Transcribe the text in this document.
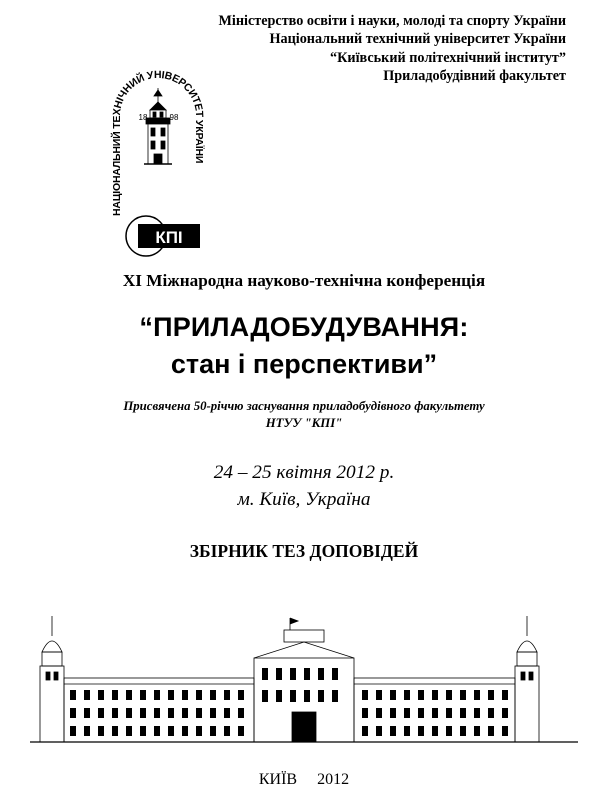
Міністерство освіти і науки, молоді та спорту України
Національний технічний університет України
“Київський політехнічний інститут”
Приладобудівний факультет
НАЦІОНАЛЬНИЙ ТЕХНІЧНИЙ УНІВЕРСИТЕТ УКРАЇНИ
18	98
КПІ
XI Міжнародна науково-технічна конференція
“ПРИЛАДОБУДУВАННЯ:
стан і перспективи”
Присвячена 50-річчю заснування приладобудівного факультету
НТУУ "КПІ"
24 – 25 квітня 2012 р.
м. Київ, Україна
ЗБІРНИК ТЕЗ ДОПОВІДЕЙ
КИЇВ 2012
